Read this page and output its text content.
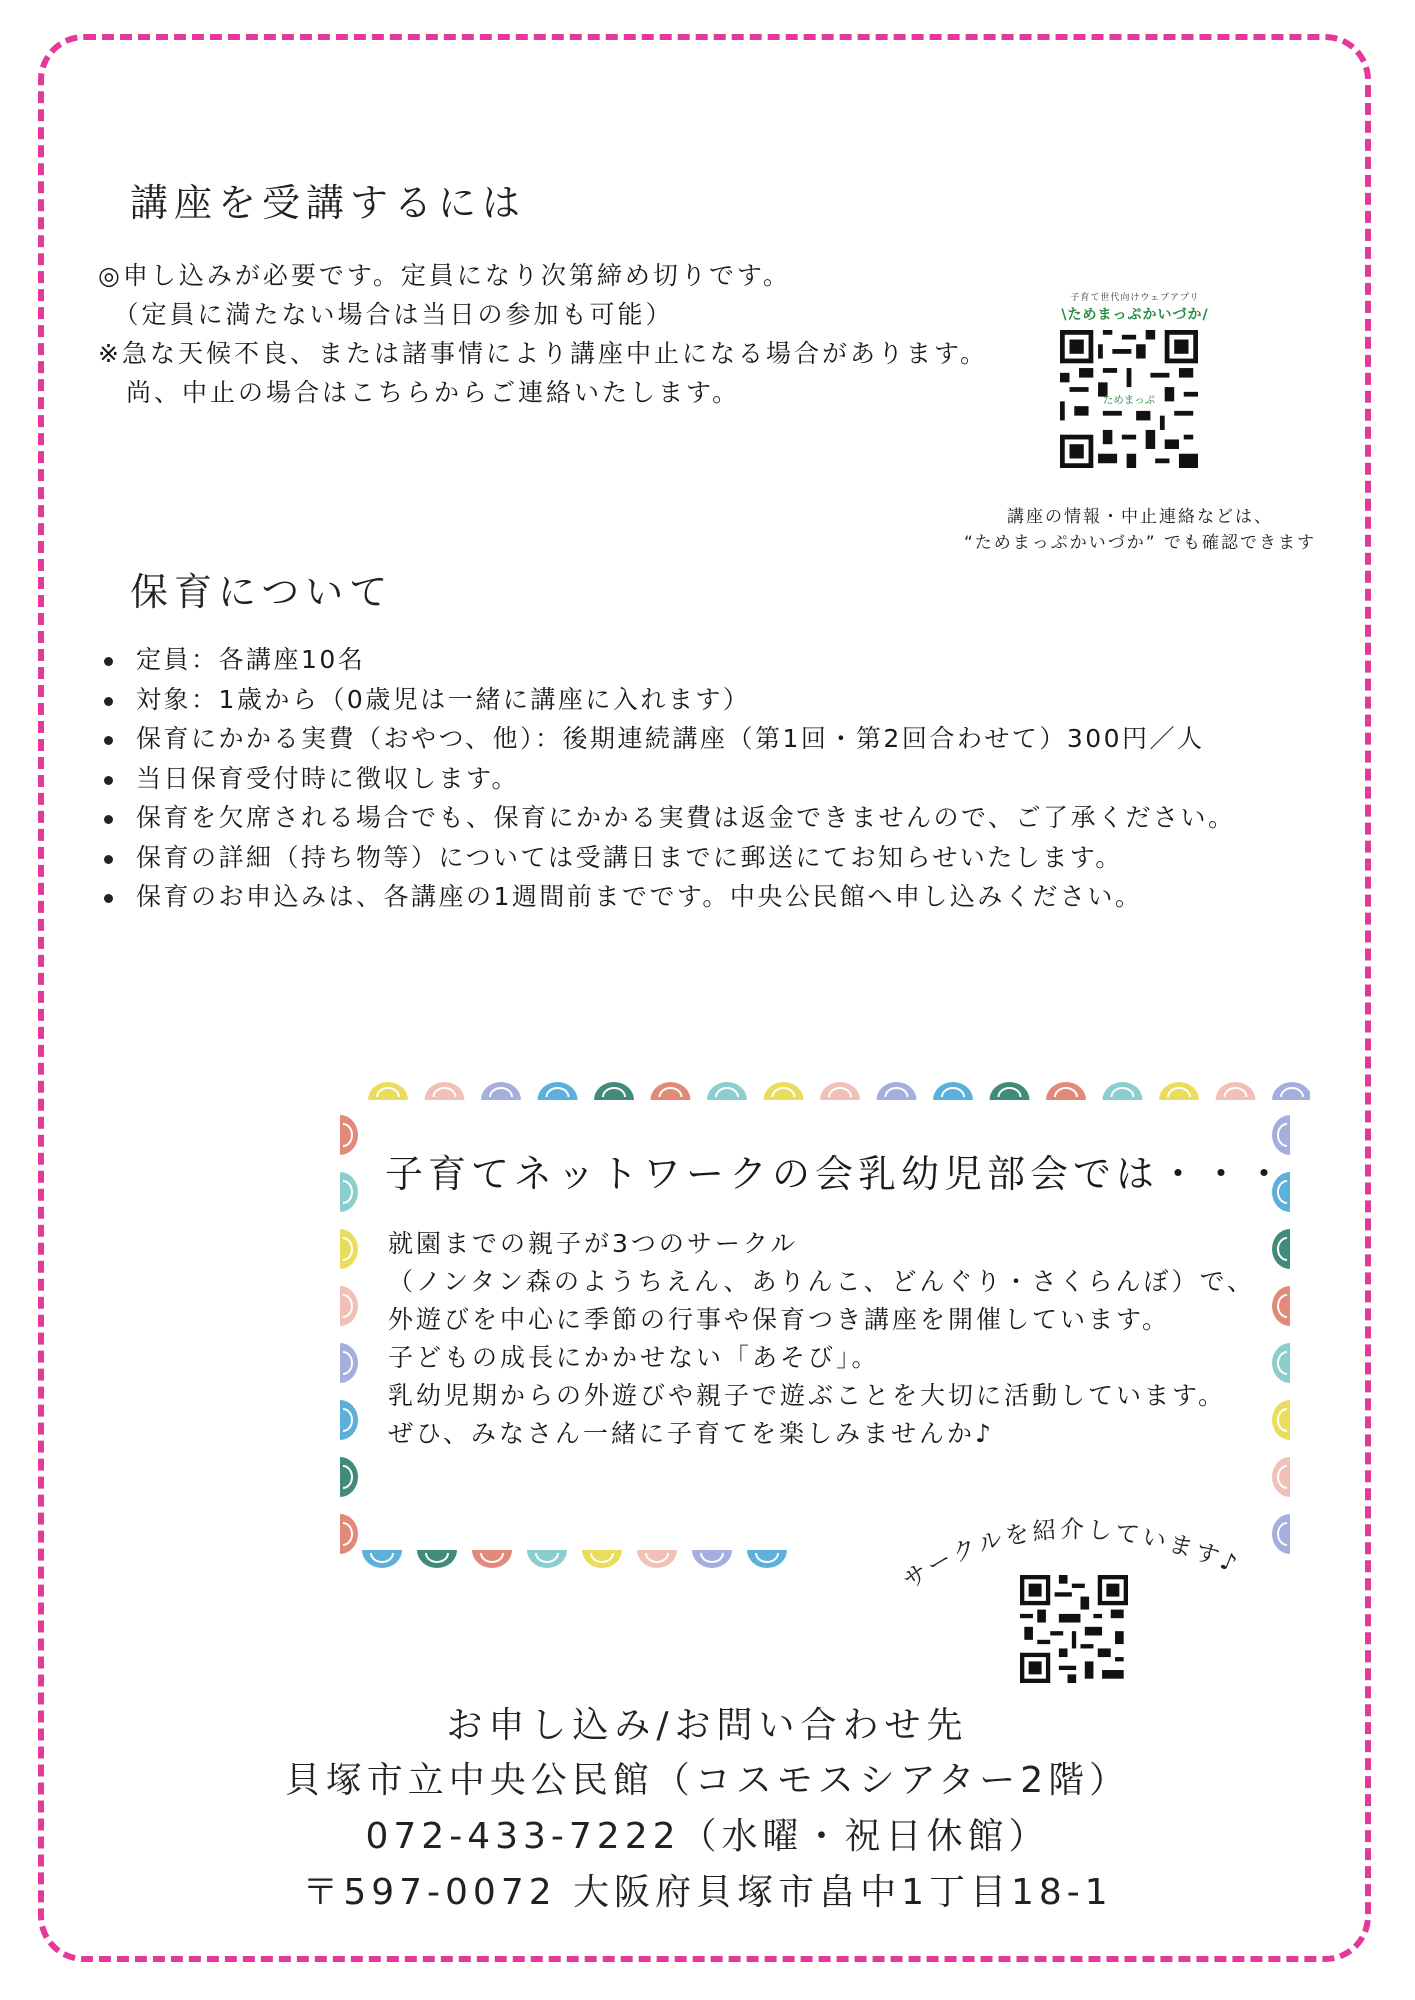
講座を受講するには
◎申し込みが必要です。定員になり次第締め切りです。
　（定員に満たない場合は当日の参加も可能）
※急な天候不良、または諸事情により講座中止になる場合があります。
　尚、中止の場合はこちらからご連絡いたします。
子育て世代向けウェブアプリ
\ためまっぷかいづか/
ためまっぷ
講座の情報・中止連絡などは、
“ためまっぷかいづか” でも確認できます
保育について
定員：各講座10名
対象：1歳から（0歳児は一緒に講座に入れます）
保育にかかる実費（おやつ、他）：後期連続講座（第1回・第2回合わせて）300円／人
当日保育受付時に徴収します。
保育を欠席される場合でも、保育にかかる実費は返金できませんので、ご了承ください。
保育の詳細（持ち物等）については受講日までに郵送にてお知らせいたします。
保育のお申込みは、各講座の1週間前までです。中央公民館へ申し込みください。
子育てネットワークの会乳幼児部会では・・・
就園までの親子が3つのサークル
（ノンタン森のようちえん、ありんこ、どんぐり・さくらんぼ）で、
外遊びを中心に季節の行事や保育つき講座を開催しています。
子どもの成長にかかせない「あそび」。
乳幼児期からの外遊びや親子で遊ぶことを大切に活動しています。
ぜひ、みなさん一緒に子育てを楽しみませんか♪
サークルを紹介しています♪
お申し込み/お問い合わせ先
貝塚市立中央公民館（コスモスシアター2階）
072-433-7222（水曜・祝日休館）
〒597-0072 大阪府貝塚市畠中1丁目18-1
